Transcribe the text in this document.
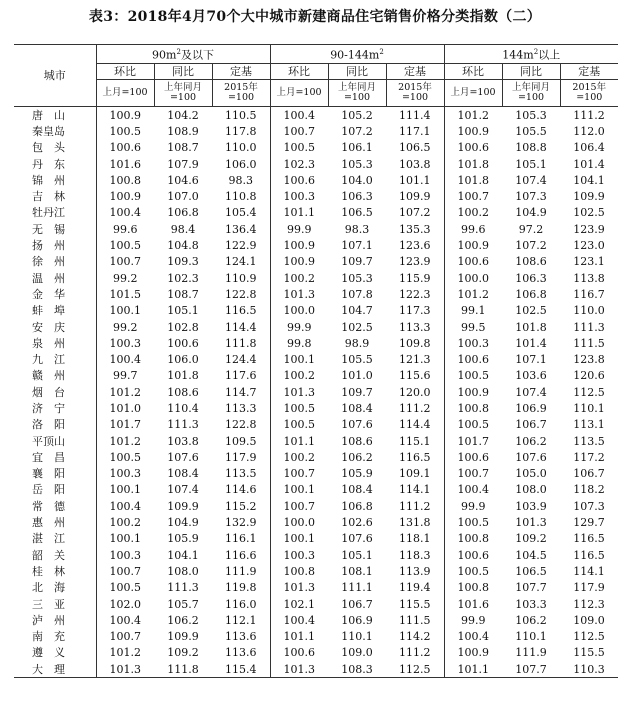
表3：2018年4月70个大中城市新建商品住宅销售价格分类指数（二）
城市	$90m^2$及以下			$90-144m^2$			$144m^2$以上		
	环比	同比	定基	环比	同比	定基	环比	同比	定基
	上月=100	上年同月=100	2015年=100	上月=100	上年同月=100	2015年=100	上月=100	上年同月=100	2015年=100
唐　山	100.9	104.2	110.5	100.4	105.2	111.4	101.2	105.3	111.2
秦皇岛	100.5	108.9	117.8	100.7	107.2	117.1	100.9	105.5	112.0
包　头	100.6	108.7	110.0	100.5	106.1	106.5	100.6	108.8	106.4
丹　东	101.6	107.9	106.0	102.3	105.3	103.8	101.8	105.1	101.4
锦　州	100.8	104.6	98.3	100.6	104.0	101.1	101.8	107.4	104.1
吉　林	100.9	107.0	110.8	100.3	106.3	109.9	100.7	107.3	109.9
牡丹江	100.4	106.8	105.4	101.1	106.5	107.2	100.2	104.9	102.5
无　锡	99.6	98.4	136.4	99.9	98.3	135.3	99.6	97.2	123.9
扬　州	100.5	104.8	122.9	100.9	107.1	123.6	100.9	107.2	123.0
徐　州	100.7	109.3	124.1	100.9	109.7	123.9	100.6	108.6	123.1
温　州	99.2	102.3	110.9	100.2	105.3	115.9	100.0	106.3	113.8
金　华	101.5	108.7	122.8	101.3	107.8	122.3	101.2	106.8	116.7
蚌　埠	100.1	105.1	116.5	100.0	104.7	117.3	99.1	102.5	110.0
安　庆	99.2	102.8	114.4	99.9	102.5	113.3	99.5	101.8	111.3
泉　州	100.3	100.6	111.8	99.8	98.9	109.8	100.3	101.4	111.5
九　江	100.4	106.0	124.4	100.1	105.5	121.3	100.6	107.1	123.8
赣　州	99.7	101.8	117.6	100.2	101.0	115.6	100.5	103.6	120.6
烟　台	101.2	108.6	114.7	101.3	109.7	120.0	100.9	107.4	112.5
济　宁	101.0	110.4	113.3	100.5	108.4	111.2	100.8	106.9	110.1
洛　阳	101.7	111.3	122.8	100.5	107.6	114.4	100.5	106.7	113.1
平顶山	101.2	103.8	109.5	101.1	108.6	115.1	101.7	106.2	113.5
宜　昌	100.5	107.6	117.9	100.2	106.2	116.5	100.6	107.6	117.2
襄　阳	100.3	108.4	113.5	100.7	105.9	109.1	100.7	105.0	106.7
岳　阳	100.1	107.4	114.6	100.1	108.4	114.1	100.4	108.0	118.2
常　德	100.4	109.9	115.2	100.7	106.8	111.2	99.9	103.9	107.3
惠　州	100.2	104.9	132.9	100.0	102.6	131.8	100.5	101.3	129.7
湛　江	100.1	105.9	116.1	100.1	107.6	118.1	100.8	109.2	116.5
韶　关	100.3	104.1	116.6	100.3	105.1	118.3	100.6	104.5	116.5
桂　林	100.7	108.0	111.9	100.8	108.1	113.9	100.5	106.5	114.1
北　海	100.5	111.3	119.8	101.3	111.1	119.4	100.8	107.7	117.9
三　亚	102.0	105.7	116.0	102.1	106.7	115.5	101.6	103.3	112.3
泸　州	100.4	106.2	112.1	100.4	106.9	111.5	99.9	106.2	109.0
南　充	100.7	109.9	113.6	101.1	110.1	114.2	100.4	110.1	112.5
遵　义	101.2	109.2	113.6	100.6	109.0	111.2	100.9	111.9	115.5
大　理	101.3	111.8	115.4	101.3	108.3	112.5	101.1	107.7	110.3
